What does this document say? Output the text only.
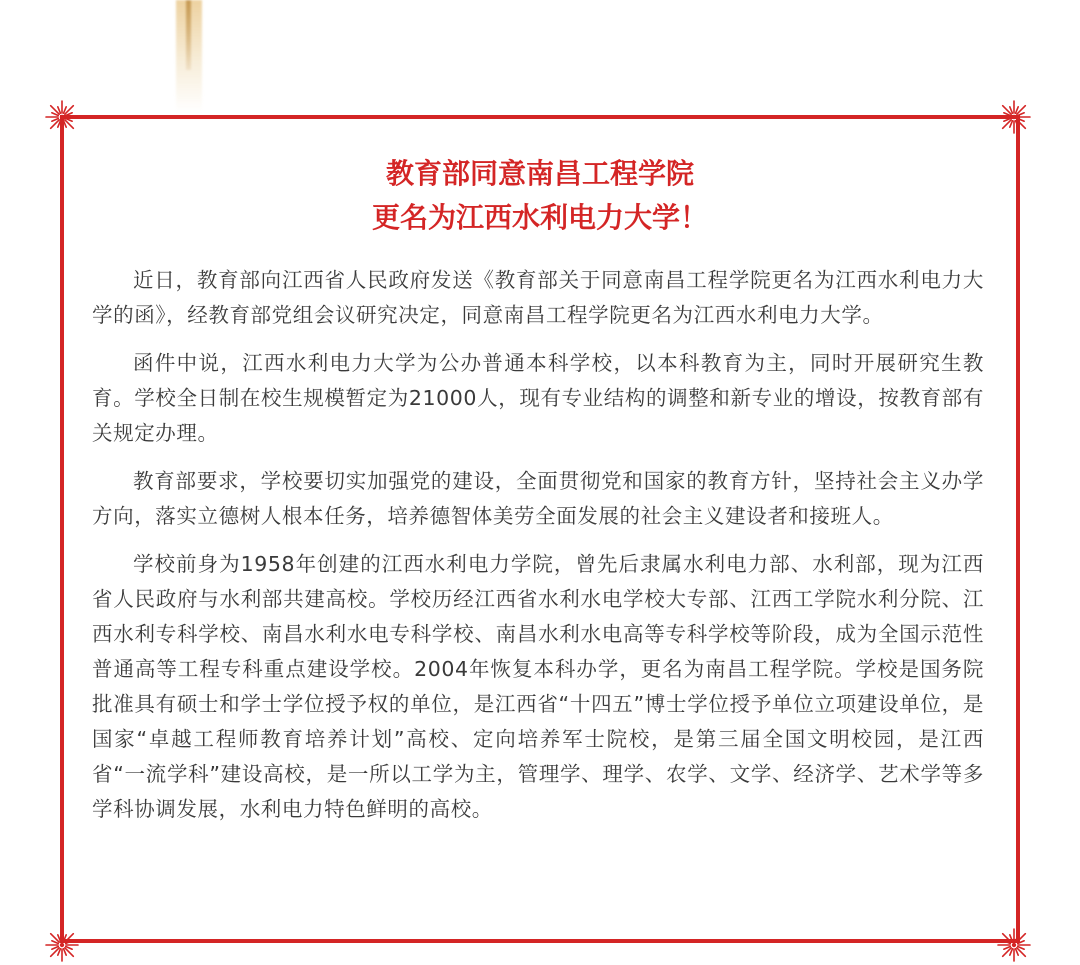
教育部同意南昌工程学院
更名为江西水利电力大学！

近日，教育部向江西省人民政府发送《教育部关于同意南昌工程学院更名为江西水利电力大学的函》，经教育部党组会议研究决定，同意南昌工程学院更名为江西水利电力大学。

函件中说，江西水利电力大学为公办普通本科学校，以本科教育为主，同时开展研究生教育。学校全日制在校生规模暂定为21000人，现有专业结构的调整和新专业的增设，按教育部有关规定办理。

教育部要求，学校要切实加强党的建设，全面贯彻党和国家的教育方针，坚持社会主义办学方向，落实立德树人根本任务，培养德智体美劳全面发展的社会主义建设者和接班人。

学校前身为1958年创建的江西水利电力学院，曾先后隶属水利电力部、水利部，现为江西省人民政府与水利部共建高校。学校历经江西省水利水电学校大专部、江西工学院水利分院、江西水利专科学校、南昌水利水电专科学校、南昌水利水电高等专科学校等阶段，成为全国示范性普通高等工程专科重点建设学校。2004年恢复本科办学，更名为南昌工程学院。学校是国务院批准具有硕士和学士学位授予权的单位，是江西省“十四五”博士学位授予单位立项建设单位，是国家“卓越工程师教育培养计划”高校、定向培养军士院校，是第三届全国文明校园，是江西省“一流学科”建设高校，是一所以工学为主，管理学、理学、农学、文学、经济学、艺术学等多学科协调发展，水利电力特色鲜明的高校。
